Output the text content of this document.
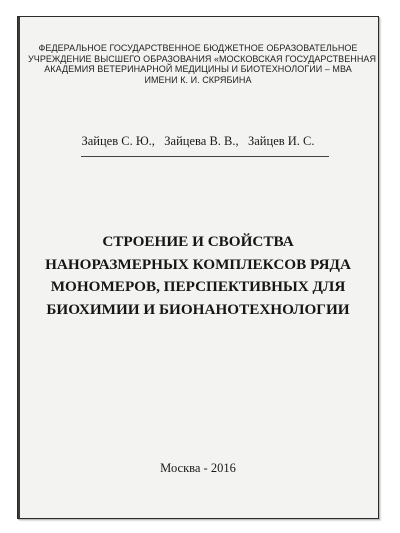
ФЕДЕРАЛЬНОЕ ГОСУДАРСТВЕННОЕ БЮДЖЕТНОЕ ОБРАЗОВАТЕЛЬНОЕ
УЧРЕЖДЕНИЕ ВЫСШЕГО ОБРАЗОВАНИЯ «МОСКОВСКАЯ ГОСУДАРСТВЕННАЯ
АКАДЕМИЯ ВЕТЕРИНАРНОЙ МЕДИЦИНЫ И БИОТЕХНОЛОГИИ – МВА
ИМЕНИ К. И. СКРЯБИНА
Зайцев С. Ю., Зайцева В. В., Зайцев И. С.
СТРОЕНИЕ И СВОЙСТВА
НАНОРАЗМЕРНЫХ КОМПЛЕКСОВ РЯДА
МОНОМЕРОВ, ПЕРСПЕКТИВНЫХ ДЛЯ
БИОХИМИИ И БИОНАНОТЕХНОЛОГИИ
Москва - 2016
